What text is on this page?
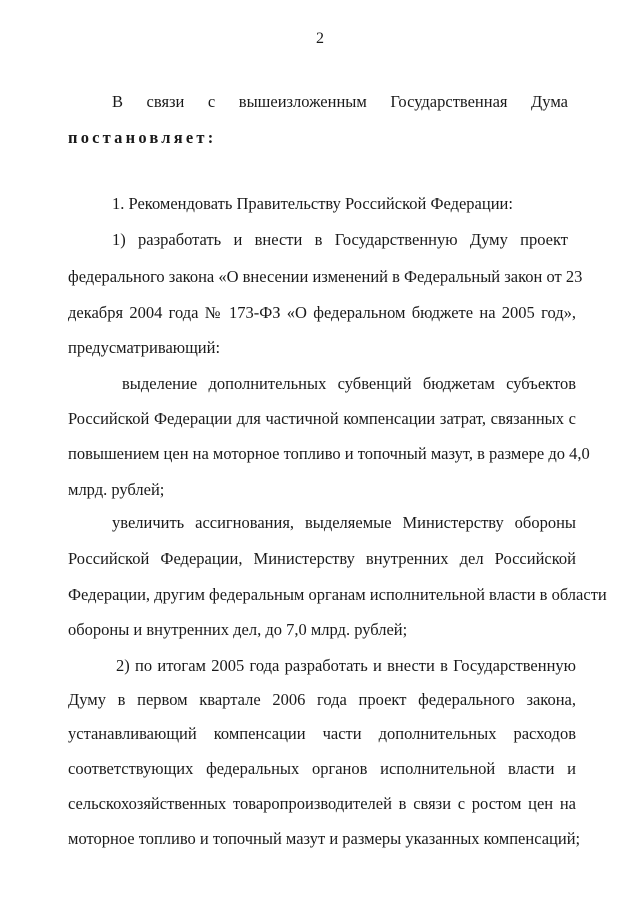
2
В связи с вышеизложенным Государственная Дума
постановляет:
1. Рекомендовать Правительству Российской Федерации:
1) разработать и внести в Государственную Думу проект
федерального закона «О внесении изменений в Федеральный закон от 23
декабря 2004 года № 173-ФЗ «О федеральном бюджете на 2005 год»,
предусматривающий:
выделение дополнительных субвенций бюджетам субъектов
Российской Федерации для частичной компенсации затрат, связанных с
повышением цен на моторное топливо и топочный мазут, в размере до 4,0
млрд. рублей;
увеличить ассигнования, выделяемые Министерству обороны
Российской Федерации, Министерству внутренних дел Российской
Федерации, другим федеральным органам исполнительной власти в области
обороны и внутренних дел, до 7,0 млрд. рублей;
2) по итогам 2005 года разработать и внести в Государственную
Думу в первом квартале 2006 года проект федерального закона,
устанавливающий компенсации части дополнительных расходов
соответствующих федеральных органов исполнительной власти и
сельскохозяйственных товаропроизводителей в связи с ростом цен на
моторное топливо и топочный мазут и размеры указанных компенсаций;
